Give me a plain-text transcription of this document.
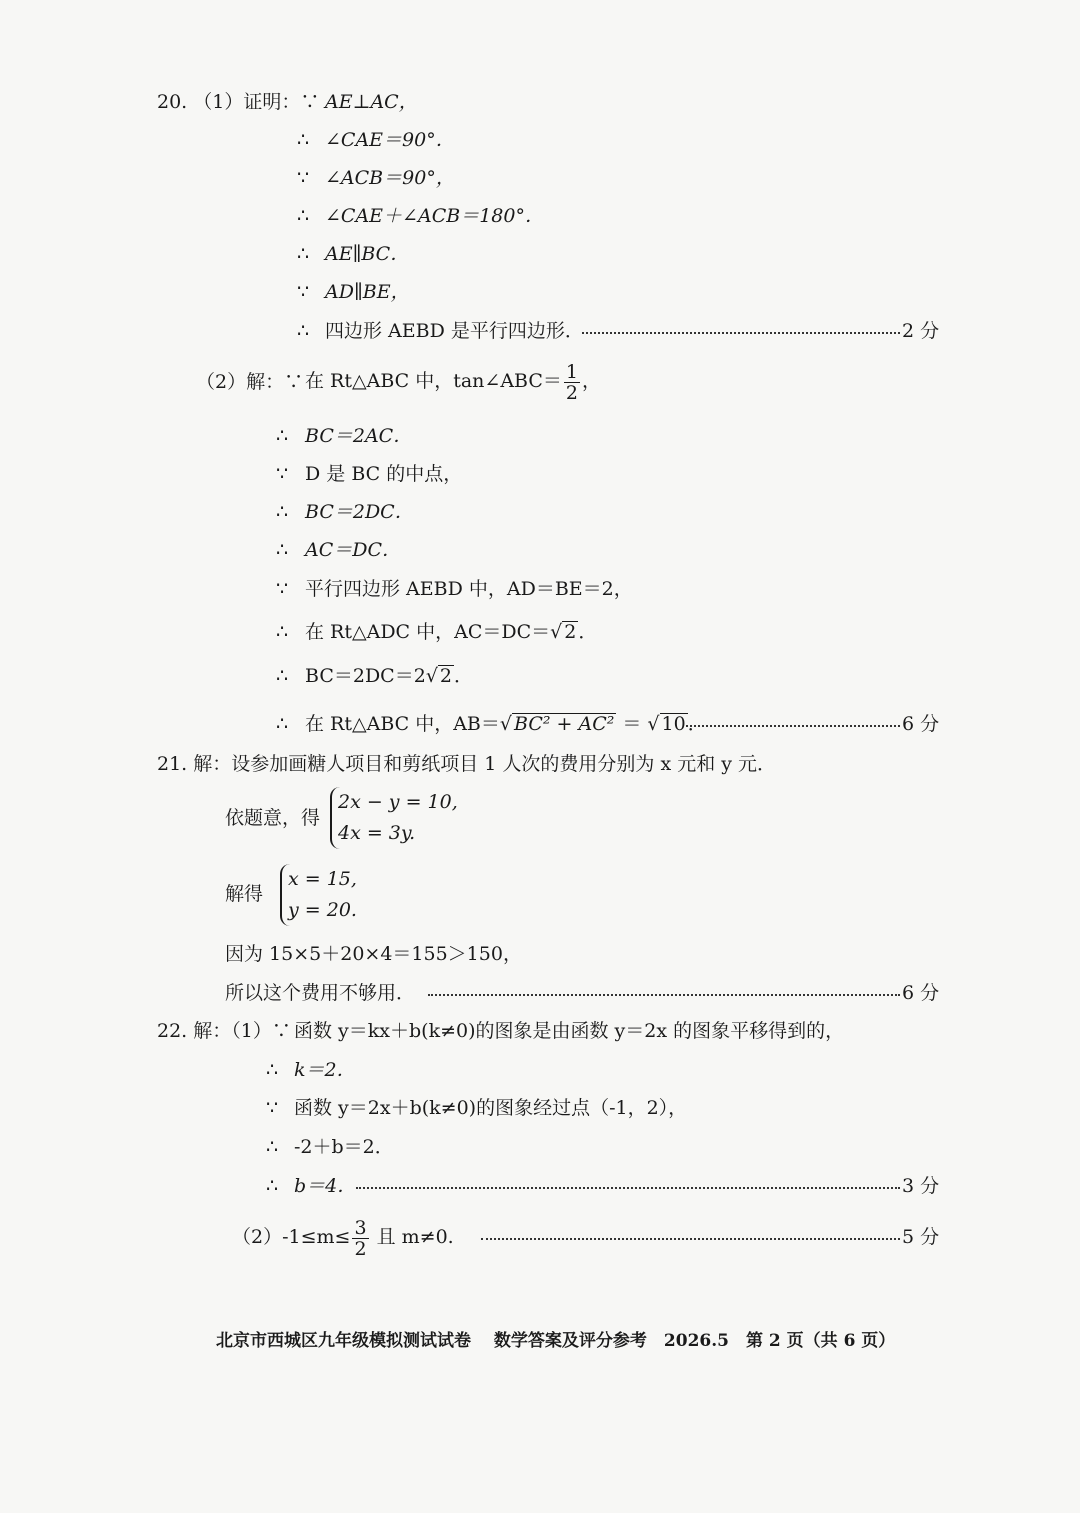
20. （1）证明：∵ AE⊥AC，
∴ ∠CAE＝90°．
∵ ∠ACB＝90°，
∴ ∠CAE＋∠ACB＝180°．
∴ AE∥BC．
∵ AD∥BE，
∴ 四边形 AEBD 是平行四边形．	2 分
（2）解：∵ 在 Rt△ABC 中，tan∠ABC＝ $\frac{1}{2}$ ，
∴ BC＝2AC．
∵ D 是 BC 的中点，
∴ BC＝2DC．
∴ AC＝DC．
∵ 平行四边形 AEBD 中，AD＝BE＝2，
∴ 在 Rt△ADC 中，AC＝DC＝√ 2 ．
∴ BC＝2DC＝2√ 2 ．
∴ 在 Rt△ABC 中，AB＝√ BC² + AC² ＝ √ 10 ．	6 分
21. 解：设参加画糖人项目和剪纸项目 1 人次的费用分别为 x 元和 y 元．
依题意，得
2x − y = 10,
4x = 3y.
解得
x = 15,
y = 20.
因为 15×5＋20×4＝155＞150，
所以这个费用不够用．	6 分
22. 解：（1）∵ 函数 y＝kx＋b(k≠0)的图象是由函数 y＝2x 的图象平移得到的，
∴ k＝2．
∵ 函数 y＝2x＋b(k≠0)的图象经过点（-1，2），
∴ -2＋b＝2．
∴ b＝4．	3 分
$(2)-1\le m\le \frac{3}{2}$ 且 m≠0.	5 分
北京市西城区九年级模拟测试试卷　 数学答案及评分参考　2026.5　第 2 页（共 6 页）
